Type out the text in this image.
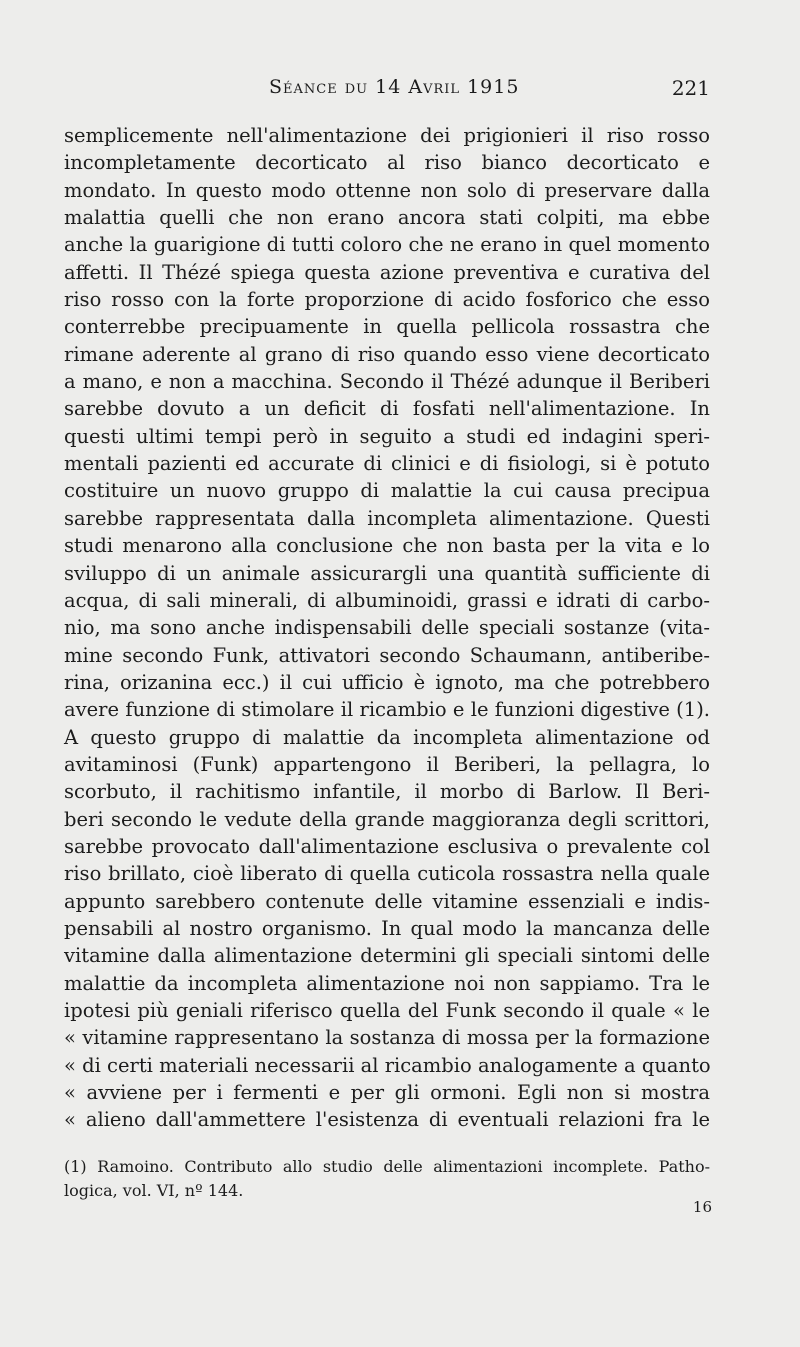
Séance du 14 Avril 1915	221
semplicemente nell'alimentazione dei prigionieri il riso rosso
incompletamente decorticato al riso bianco decorticato e
mondato. In questo modo ottenne non solo di preservare dalla
malattia quelli che non erano ancora stati colpiti, ma ebbe
anche la guarigione di tutti coloro che ne erano in quel momento
affetti. Il Thézé spiega questa azione preventiva e curativa del
riso rosso con la forte proporzione di acido fosforico che esso
conterrebbe precipuamente in quella pellicola rossastra che
rimane aderente al grano di riso quando esso viene decorticato
a mano, e non a macchina. Secondo il Thézé adunque il Beriberi
sarebbe dovuto a un deficit di fosfati nell'alimentazione. In
questi ultimi tempi però in seguito a studi ed indagini speri-
mentali pazienti ed accurate di clinici e di fisiologi, si è potuto
costituire un nuovo gruppo di malattie la cui causa precipua
sarebbe rappresentata dalla incompleta alimentazione. Questi
studi menarono alla conclusione che non basta per la vita e lo
sviluppo di un animale assicurargli una quantità sufficiente di
acqua, di sali minerali, di albuminoidi, grassi e idrati di carbo-
nio, ma sono anche indispensabili delle speciali sostanze (vita-
mine secondo Funk, attivatori secondo Schaumann, antiberibe-
rina, orizanina ecc.) il cui ufficio è ignoto, ma che potrebbero
avere funzione di stimolare il ricambio e le funzioni digestive (1).
A questo gruppo di malattie da incompleta alimentazione od
avitaminosi (Funk) appartengono il Beriberi, la pellagra, lo
scorbuto, il rachitismo infantile, il morbo di Barlow. Il Beri-
beri secondo le vedute della grande maggioranza degli scrittori,
sarebbe provocato dall'alimentazione esclusiva o prevalente col
riso brillato, cioè liberato di quella cuticola rossastra nella quale
appunto sarebbero contenute delle vitamine essenziali e indis-
pensabili al nostro organismo. In qual modo la mancanza delle
vitamine dalla alimentazione determini gli speciali sintomi delle
malattie da incompleta alimentazione noi non sappiamo. Tra le
ipotesi più geniali riferisco quella del Funk secondo il quale « le
« vitamine rappresentano la sostanza di mossa per la formazione
« di certi materiali necessarii al ricambio analogamente a quanto
« avviene per i fermenti e per gli ormoni. Egli non si mostra
« alieno dall'ammettere l'esistenza di eventuali relazioni fra le
(1) Ramoino. Contributo allo studio delle alimentazioni incomplete. Patho-
logica, vol. VI, nº 144.
16
